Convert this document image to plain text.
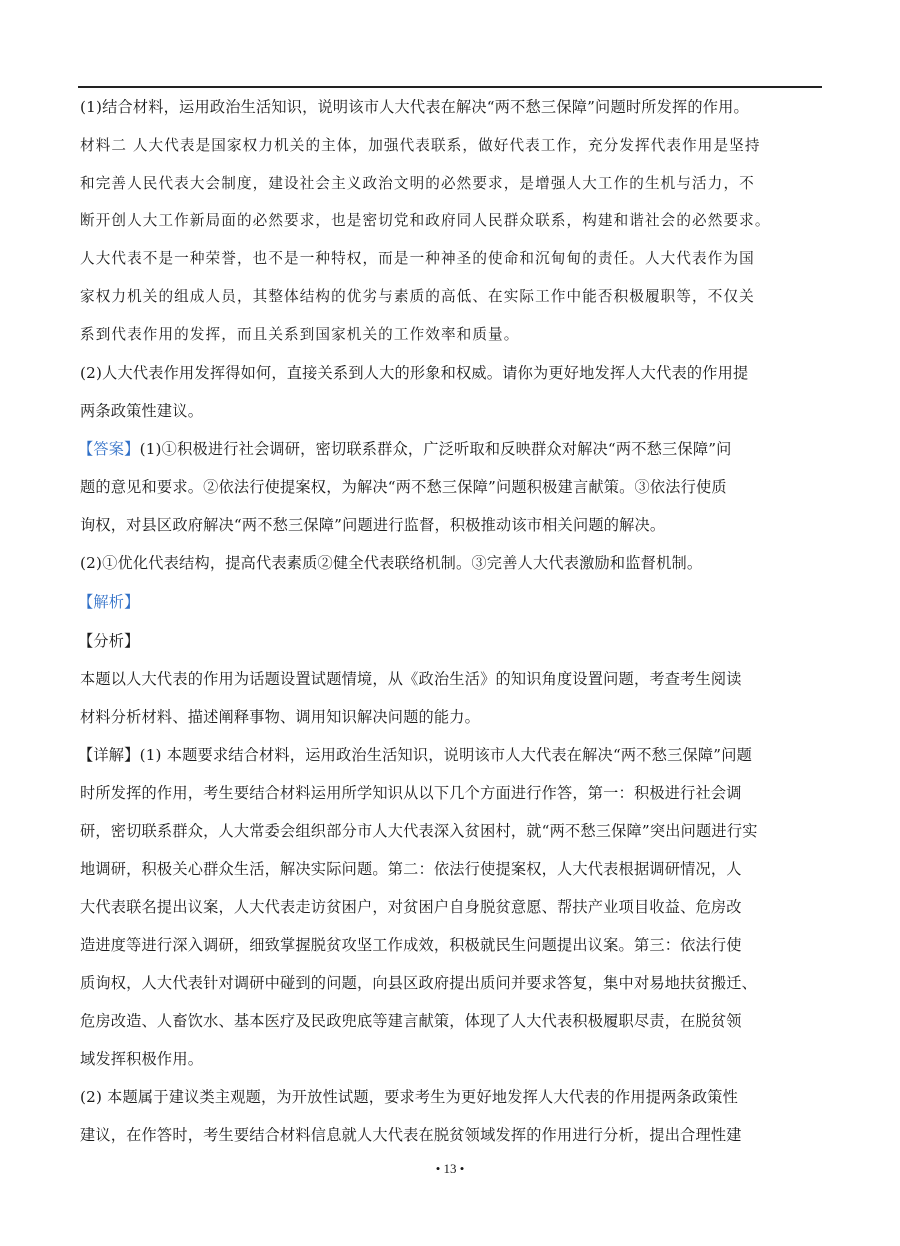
(1)结合材料，运用政治生活知识，说明该市人大代表在解决“两不愁三保障”问题时所发挥的作用。
材料二 人大代表是国家权力机关的主体，加强代表联系，做好代表工作，充分发挥代表作用是坚持
和完善人民代表大会制度，建设社会主义政治文明的必然要求，是增强人大工作的生机与活力，不
断开创人大工作新局面的必然要求，也是密切党和政府同人民群众联系，构建和谐社会的必然要求。
人大代表不是一种荣誉，也不是一种特权，而是一种神圣的使命和沉甸甸的责任。人大代表作为国
家权力机关的组成人员，其整体结构的优劣与素质的高低、在实际工作中能否积极履职等，不仅关
系到代表作用的发挥，而且关系到国家机关的工作效率和质量。
(2)人大代表作用发挥得如何，直接关系到人大的形象和权威。请你为更好地发挥人大代表的作用提
两条政策性建议。
【答案】(1)①积极进行社会调研，密切联系群众，广泛听取和反映群众对解决“两不愁三保障”问
题的意见和要求。②依法行使提案权，为解决“两不愁三保障”问题积极建言献策。③依法行使质
询权，对县区政府解决“两不愁三保障”问题进行监督，积极推动该市相关问题的解决。
(2)①优化代表结构，提高代表素质②健全代表联络机制。③完善人大代表激励和监督机制。
【解析】
【分析】
本题以人大代表的作用为话题设置试题情境，从《政治生活》的知识角度设置问题，考查考生阅读
材料分析材料、描述阐释事物、调用知识解决问题的能力。
【详解】(1) 本题要求结合材料，运用政治生活知识，说明该市人大代表在解决“两不愁三保障”问题
时所发挥的作用，考生要结合材料运用所学知识从以下几个方面进行作答，第一：积极进行社会调
研，密切联系群众，人大常委会组织部分市人大代表深入贫困村，就“两不愁三保障”突出问题进行实
地调研，积极关心群众生活，解决实际问题。第二：依法行使提案权，人大代表根据调研情况，人
大代表联名提出议案，人大代表走访贫困户，对贫困户自身脱贫意愿、帮扶产业项目收益、危房改
造进度等进行深入调研，细致掌握脱贫攻坚工作成效，积极就民生问题提出议案。第三：依法行使
质询权，人大代表针对调研中碰到的问题，向县区政府提出质问并要求答复，集中对易地扶贫搬迁、
危房改造、人畜饮水、基本医疗及民政兜底等建言献策，体现了人大代表积极履职尽责，在脱贫领
域发挥积极作用。
(2) 本题属于建议类主观题，为开放性试题，要求考生为更好地发挥人大代表的作用提两条政策性
建议，在作答时，考生要结合材料信息就人大代表在脱贫领域发挥的作用进行分析，提出合理性建
• 13 •
